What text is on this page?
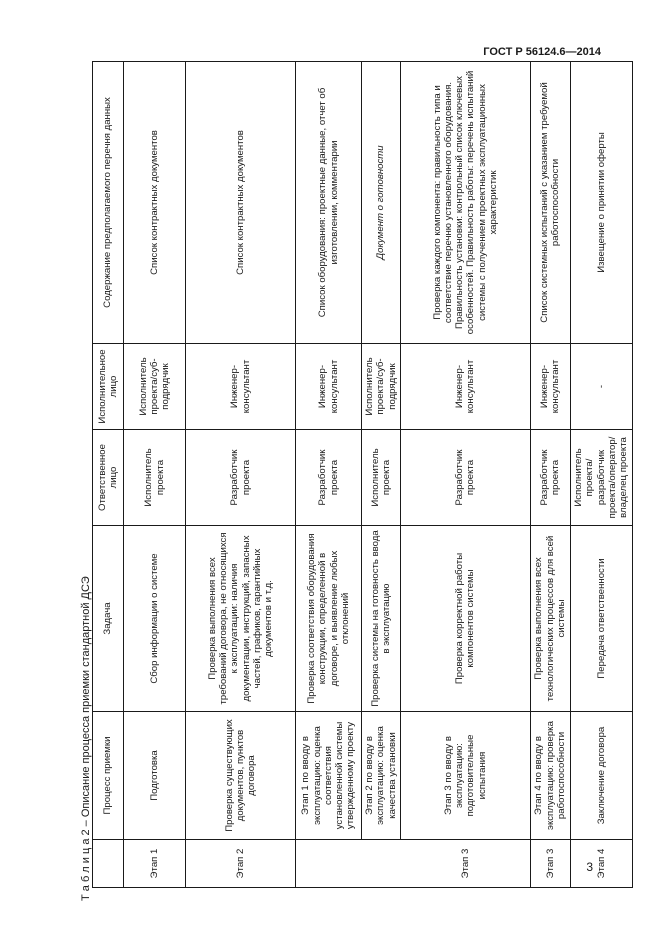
ГОСТ Р 56124.6—2014
Т а б л и ц а 2 – Описание процесса приемки стандартной ДСЭ
	Процесс приемки	Задача	Ответственное лицо	Исполнительное лицо	Содержание предполагаемого перечня данных
Этап 1	Подготовка	Сбор информации о системе	Исполнитель проекта	Исполнитель проекта/суб-подрядчик	Список контрактных документов
Этап 2	Проверка существующих документов, пунктов договора	Проверка выполнения всех требований договора, не относящихся к эксплуатации: наличия документации, инструкций, запасных частей, графиков, гарантийных документов и т.д.	Разработчик проекта	Инженер-консультант	Список контрактных документов
	Этап 1 по вводу в эксплуатацию: оценка соответствия установленной системы утвержденному проекту	Проверка соответствия оборудования конструкции, определенной в договоре, и выявление любых отклонений	Разработчик проекта	Инженер-консультант	Список оборудования: проектные данные, отчет об изготовлении, комментарии
	Этап 2 по вводу в эксплуатацию: оценка качества установки	Проверка системы на готовность ввода в эксплуатацию	Исполнитель проекта	Исполнитель проекта/суб-подрядчик	Документ о готовности
Этап 3	Этап 3 по вводу в эксплуатацию: подготовительные испытания	Проверка корректной работы компонентов системы	Разработчик проекта	Инженер-консультант	Проверка каждого компонента: правильность типа и соответствие перечню установленного оборудования. Правильность установки: контрольный список ключевых особенностей. Правильность работы: перечень испытаний системы с получением проектных эксплуатационных характеристик
Этап 3	Этап 4 по вводу в эксплуатацию: проверка работоспособности	Проверка выполнения всех технологических процессов для всей системы	Разработчик проекта	Инженер-консультант	Список системных испытаний с указанием требуемой работоспособности
Этап 4	Заключение договора	Передача ответственности	Исполнитель проекта/разработчик проекта/оператор/владелец проекта	-	Извещение о принятии оферты
3
